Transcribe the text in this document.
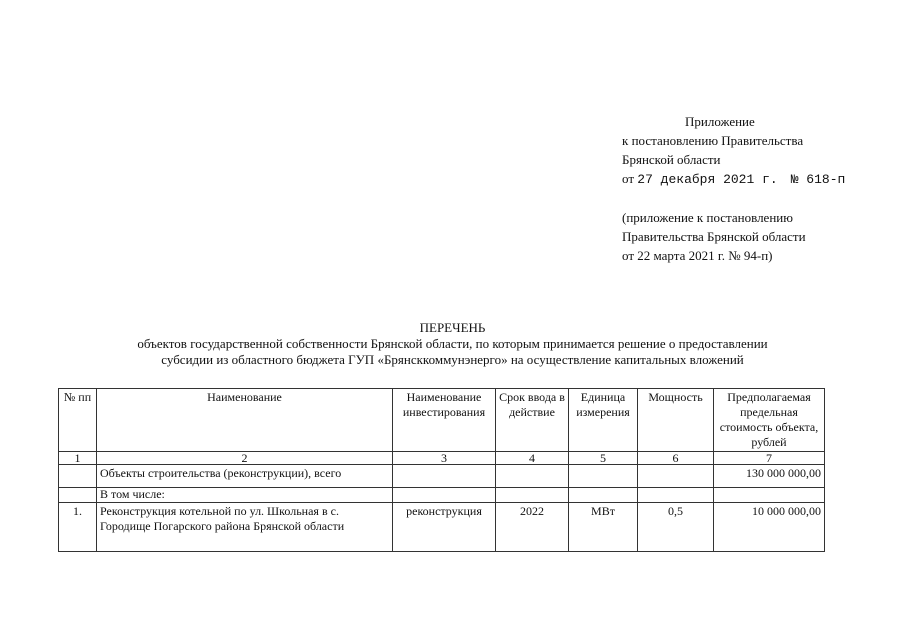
Приложение
к постановлению Правительства
Брянской области
от 27 декабря 2021 г. № 618-п
(приложение к постановлению
Правительства Брянской области
от 22 марта 2021 г. № 94-п)
ПЕРЕЧЕНЬ
объектов государственной собственности Брянской области, по которым принимается решение о предоставлении
субсидии из областного бюджета ГУП «Брянсккоммунэнерго» на осуществление капитальных вложений
№ пп	Наименование	Наименование инвестирования	Срок ввода в действие	Единица измерения	Мощность	Предполагаемая предельная стоимость объекта, рублей
1	2	3	4	5	6	7
	Объекты строительства (реконструкции), всего					130 000 000,00
	В том числе:					
1.	Реконструкция котельной по ул. Школьная в с. Городище Погарского района Брянской области	реконструкция	2022	МВт	0,5	10 000 000,00
